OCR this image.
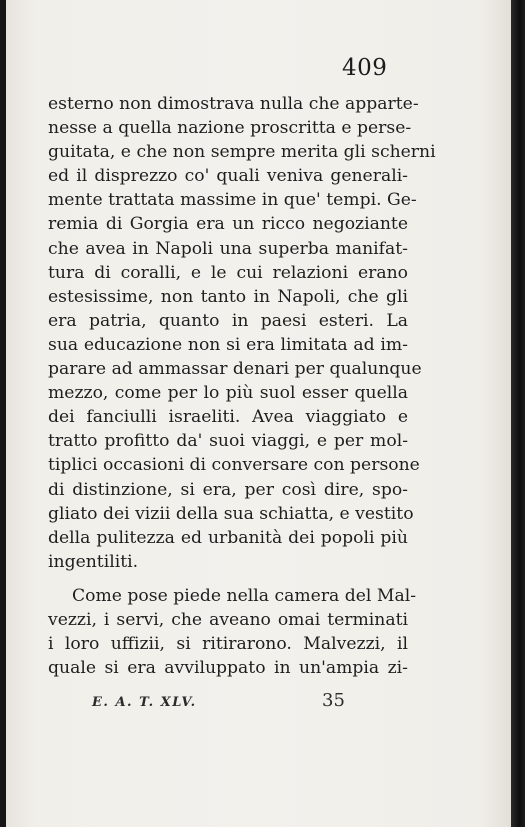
409
esterno non dimostrava nulla che apparte-
nesse a quella nazione proscritta e perse-
guitata, e che non sempre merita gli scherni
ed il disprezzo co' quali veniva generali-
mente trattata massime in que' tempi. Ge-
remia di Gorgia era un ricco negoziante
che avea in Napoli una superba manifat-
tura di coralli, e le cui relazioni erano
estesissime, non tanto in Napoli, che gli
era patria, quanto in paesi esteri. La
sua educazione non si era limitata ad im-
parare ad ammassar denari per qualunque
mezzo, come per lo più suol esser quella
dei fanciulli israeliti. Avea viaggiato e
tratto profitto da' suoi viaggi, e per mol-
tiplici occasioni di conversare con persone
di distinzione, si era, per così dire, spo-
gliato dei vizii della sua schiatta, e vestito
della pulitezza ed urbanità dei popoli più
ingentiliti.
Come pose piede nella camera del Mal-
vezzi, i servi, che aveano omai terminati
i loro uffizii, si ritirarono. Malvezzi, il
quale si era avviluppato in un'ampia zi-
E. A. T. XLV.	35
